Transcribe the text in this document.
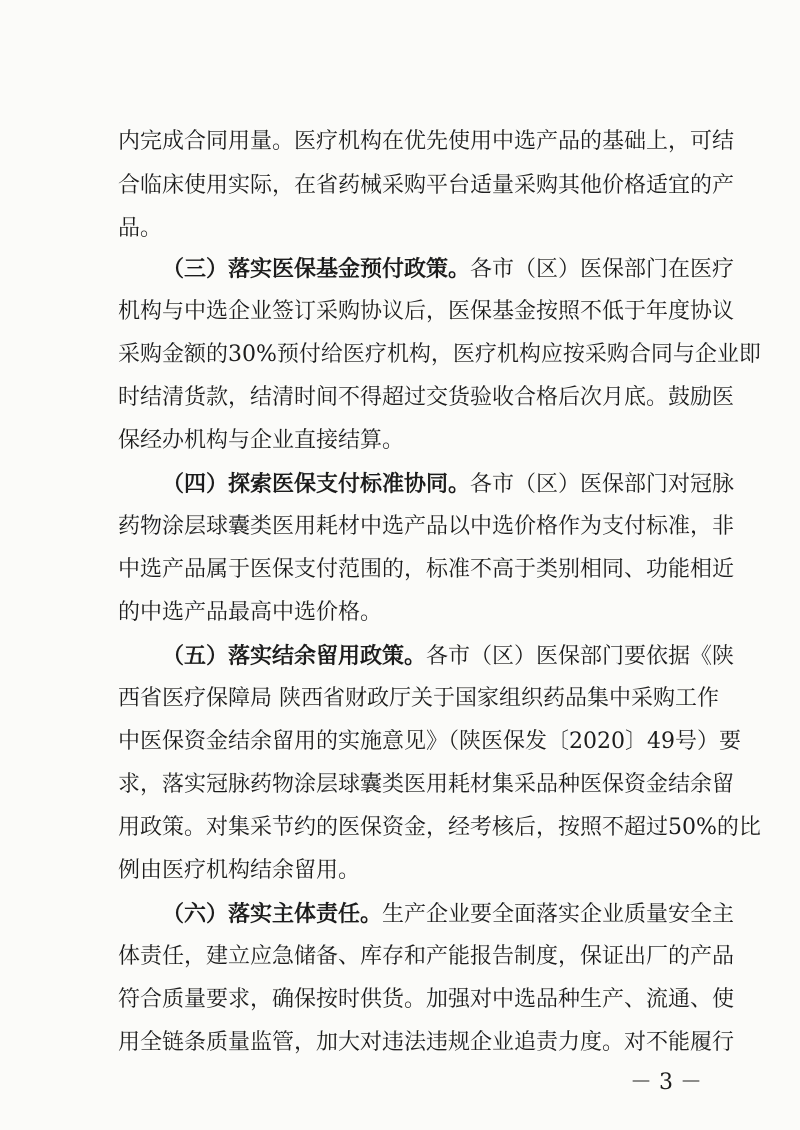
内完成合同用量。医疗机构在优先使用中选产品的基础上，可结
合临床使用实际，在省药械采购平台适量采购其他价格适宜的产
品。
（三）落实医保基金预付政策。各市（区）医保部门在医疗
机构与中选企业签订采购协议后，医保基金按照不低于年度协议
采购金额的30%预付给医疗机构，医疗机构应按采购合同与企业即
时结清货款，结清时间不得超过交货验收合格后次月底。鼓励医
保经办机构与企业直接结算。
（四）探索医保支付标准协同。各市（区）医保部门对冠脉
药物涂层球囊类医用耗材中选产品以中选价格作为支付标准，非
中选产品属于医保支付范围的，标准不高于类别相同、功能相近
的中选产品最高中选价格。
（五）落实结余留用政策。各市（区）医保部门要依据《陕
西省医疗保障局 陕西省财政厅关于国家组织药品集中采购工作
中医保资金结余留用的实施意见》（陕医保发〔2020〕49号）要
求，落实冠脉药物涂层球囊类医用耗材集采品种医保资金结余留
用政策。对集采节约的医保资金，经考核后，按照不超过50%的比
例由医疗机构结余留用。
（六）落实主体责任。生产企业要全面落实企业质量安全主
体责任，建立应急储备、库存和产能报告制度，保证出厂的产品
符合质量要求，确保按时供货。加强对中选品种生产、流通、使
用全链条质量监管，加大对违法违规企业追责力度。对不能履行
－ 3 －
